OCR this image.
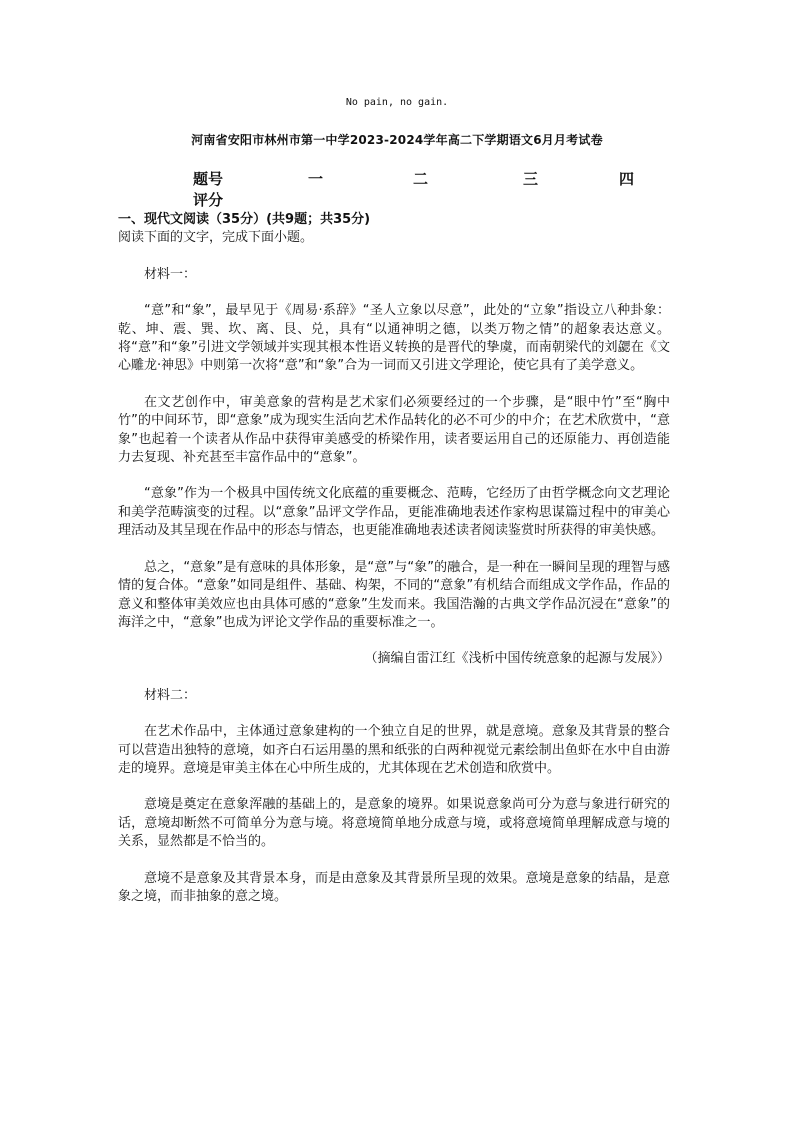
No pain, no gain.
河南省安阳市林州市第一中学2023-2024学年高二下学期语文6月月考试卷
题号	一	二	三	四
评分

一、现代文阅读（35分）(共9题；共35分)

阅读下面的文字，完成下面小题。

材料一：

“意”和“象”，最早见于《周易·系辞》“圣人立象以尽意”，此处的“立象”指设立八种卦象：乾、坤、震、巽、坎、离、艮、兑，具有“以通神明之德，以类万物之情”的超象表达意义。将“意”和“象”引进文学领域并实现其根本性语义转换的是晋代的挚虞，而南朝梁代的刘勰在《文心雕龙·神思》中则第一次将“意”和“象”合为一词而又引进文学理论，使它具有了美学意义。

在文艺创作中，审美意象的营构是艺术家们必须要经过的一个步骤，是“眼中竹”至“胸中竹”的中间环节，即“意象”成为现实生活向艺术作品转化的必不可少的中介；在艺术欣赏中，“意象”也起着一个读者从作品中获得审美感受的桥梁作用，读者要运用自己的还原能力、再创造能力去复现、补充甚至丰富作品中的“意象”。

“意象”作为一个极具中国传统文化底蕴的重要概念、范畴，它经历了由哲学概念向文艺理论和美学范畴演变的过程。以“意象”品评文学作品，更能准确地表述作家构思谋篇过程中的审美心理活动及其呈现在作品中的形态与情态，也更能准确地表述读者阅读鉴赏时所获得的审美快感。

总之，“意象”是有意味的具体形象，是“意”与“象”的融合，是一种在一瞬间呈现的理智与感情的复合体。“意象”如同是组件、基础、构架，不同的“意象”有机结合而组成文学作品，作品的意义和整体审美效应也由具体可感的“意象”生发而来。我国浩瀚的古典文学作品沉浸在“意象”的海洋之中，“意象”也成为评论文学作品的重要标准之一。

（摘编自雷江红《浅析中国传统意象的起源与发展》）

材料二：

在艺术作品中，主体通过意象建构的一个独立自足的世界，就是意境。意象及其背景的整合可以营造出独特的意境，如齐白石运用墨的黑和纸张的白两种视觉元素绘制出鱼虾在水中自由游走的境界。意境是审美主体在心中所生成的，尤其体现在艺术创造和欣赏中。

意境是奠定在意象浑融的基础上的，是意象的境界。如果说意象尚可分为意与象进行研究的话，意境却断然不可简单分为意与境。将意境简单地分成意与境，或将意境简单理解成意与境的关系，显然都是不恰当的。

意境不是意象及其背景本身，而是由意象及其背景所呈现的效果。意境是意象的结晶，是意象之境，而非抽象的意之境。
